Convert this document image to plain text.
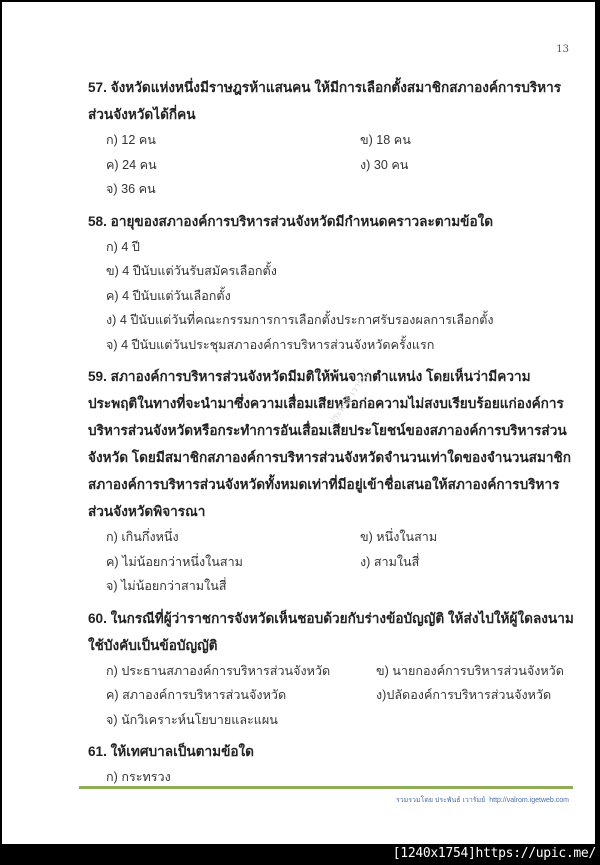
13

57. จังหวัดแห่งหนึ่งมีราษฎรห้าแสนคน ให้มีการเลือกตั้งสมาชิกสภาองค์การบริหารส่วนจังหวัดได้กี่คน

ก) 12 คน	ข) 18 คน
ค) 24 คน	ง) 30 คน
จ) 36 คน

58. อายุของสภาองค์การบริหารส่วนจังหวัดมีกำหนดคราวละตามข้อใด

ก) 4 ปี
ข) 4 ปีนับแต่วันรับสมัครเลือกตั้ง
ค) 4 ปีนับแต่วันเลือกตั้ง
ง) 4 ปีนับแต่วันที่คณะกรรมการการเลือกตั้งประกาศรับรองผลการเลือกตั้ง
จ) 4 ปีนับแต่วันประชุมสภาองค์การบริหารส่วนจังหวัดครั้งแรก

59. สภาองค์การบริหารส่วนจังหวัดมีมติให้พ้นจากตำแหน่ง โดยเห็นว่ามีความประพฤติในทางที่จะนำมาซึ่งความเสื่อมเสียหรือก่อความไม่สงบเรียบร้อยแก่องค์การบริหารส่วนจังหวัดหรือกระทำการอันเสื่อมเสียประโยชน์ของสภาองค์การบริหารส่วนจังหวัด โดยมีสมาชิกสภาองค์การบริหารส่วนจังหวัดจำนวนเท่าใดของจำนวนสมาชิกสภาองค์การบริหารส่วนจังหวัดทั้งหมดเท่าที่มีอยู่เข้าชื่อเสนอให้สภาองค์การบริหารส่วนจังหวัดพิจารณา

ก) เกินกึ่งหนึ่ง	ข) หนึ่งในสาม
ค) ไม่น้อยกว่าหนึ่งในสาม	ง) สามในสี่
จ) ไม่น้อยกว่าสามในสี่

60. ในกรณีที่ผู้ว่าราชการจังหวัดเห็นชอบด้วยกับร่างข้อบัญญัติ ให้ส่งไปให้ผู้ใดลงนามใช้บังคับเป็นข้อบัญญัติ

ก) ประธานสภาองค์การบริหารส่วนจังหวัด	ข) นายกองค์การบริหารส่วนจังหวัด
ค) สภาองค์การบริหารส่วนจังหวัด	ง)ปลัดองค์การบริหารส่วนจังหวัด
จ) นักวิเคราะห์นโยบายและแผน

61. ให้เทศบาลเป็นตามข้อใด

ก) กระทรวง
ประพันธ์ เวารัมย์
รวมรวมโดย ประพันธ์ เวารัมย์ http://valrom.igetweb.com
[1240x1754]https://upic.me/
